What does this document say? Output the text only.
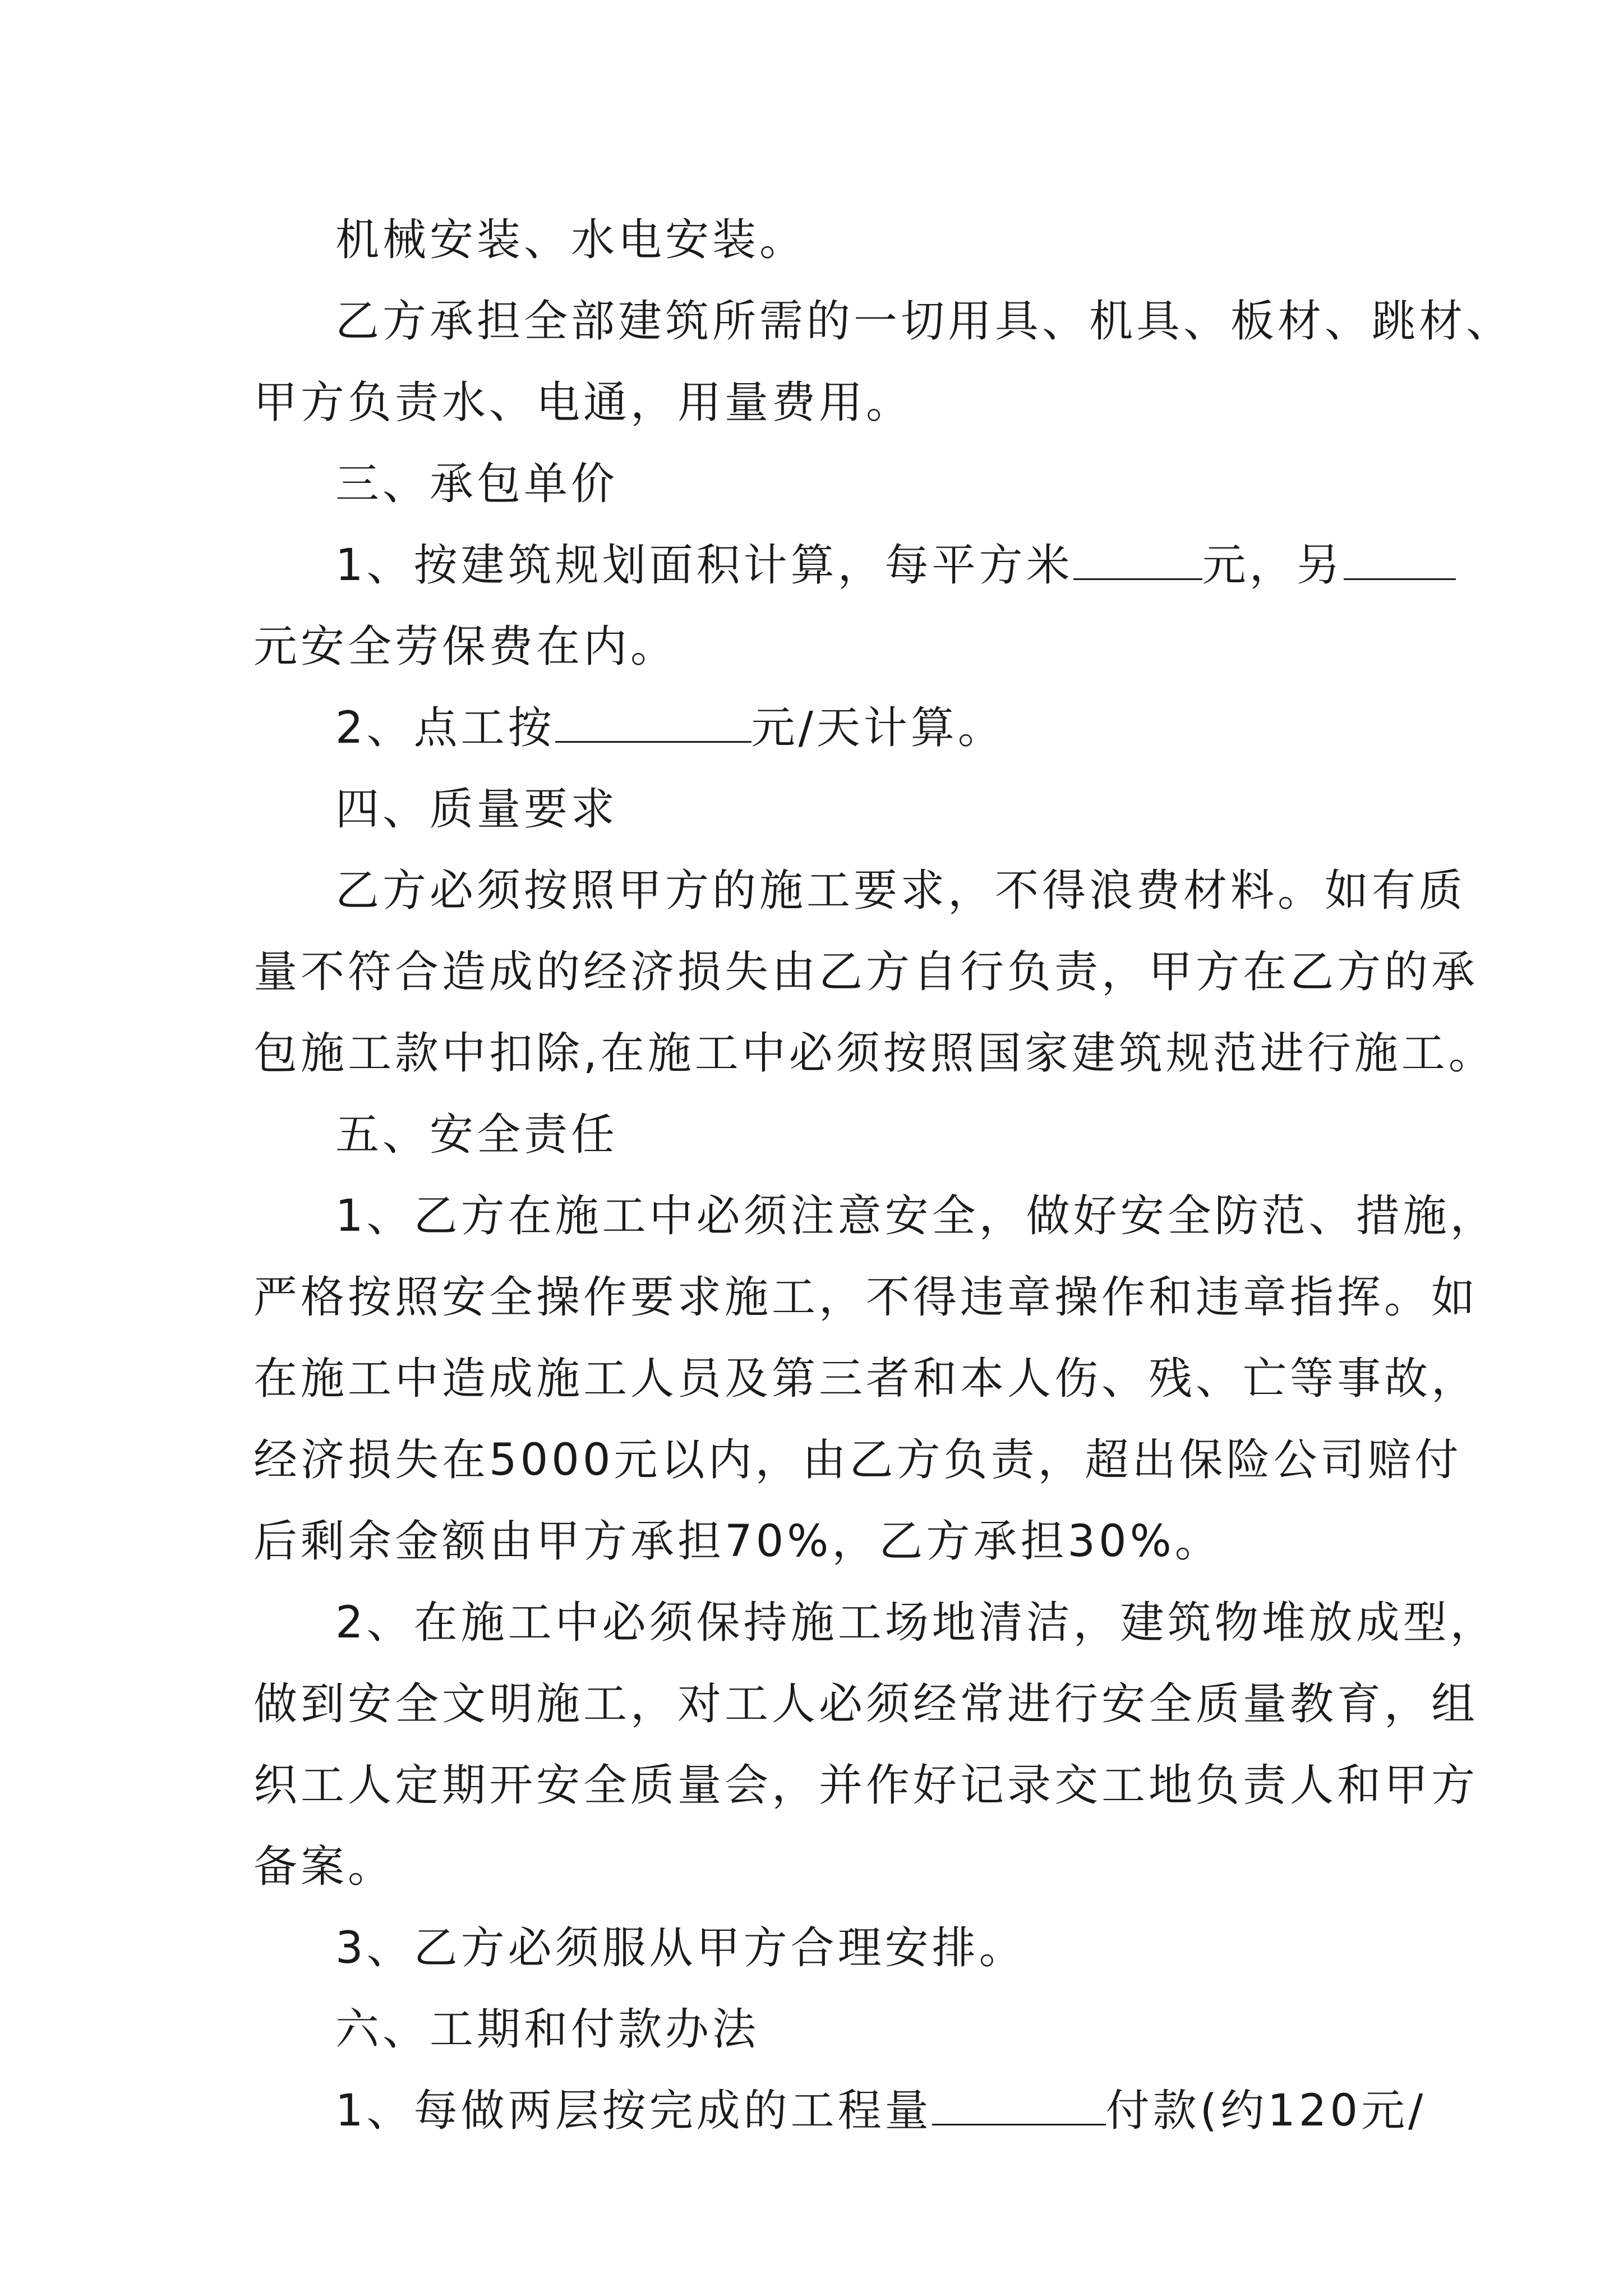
机械安装、水电安装。
乙方承担全部建筑所需的一切用具、机具、板材、跳材、
甲方负责水、电通，用量费用。
三、承包单价
1、按建筑规划面积计算，每平方米	元，另
元安全劳保费在内。
2、点工按	元/天计算。
四、质量要求
乙方必须按照甲方的施工要求，不得浪费材料。如有质
量不符合造成的经济损失由乙方自行负责，甲方在乙方的承
包施工款中扣除,在施工中必须按照国家建筑规范进行施工。
五、安全责任
1、乙方在施工中必须注意安全，做好安全防范、措施，
严格按照安全操作要求施工，不得违章操作和违章指挥。如
在施工中造成施工人员及第三者和本人伤、残、亡等事故，
经济损失在5000元以内，由乙方负责，超出保险公司赔付
后剩余金额由甲方承担70%，乙方承担30%。
2、在施工中必须保持施工场地清洁，建筑物堆放成型，
做到安全文明施工，对工人必须经常进行安全质量教育，组
织工人定期开安全质量会，并作好记录交工地负责人和甲方
备案。
3、乙方必须服从甲方合理安排。
六、工期和付款办法
1、每做两层按完成的工程量	付款(约120元/
